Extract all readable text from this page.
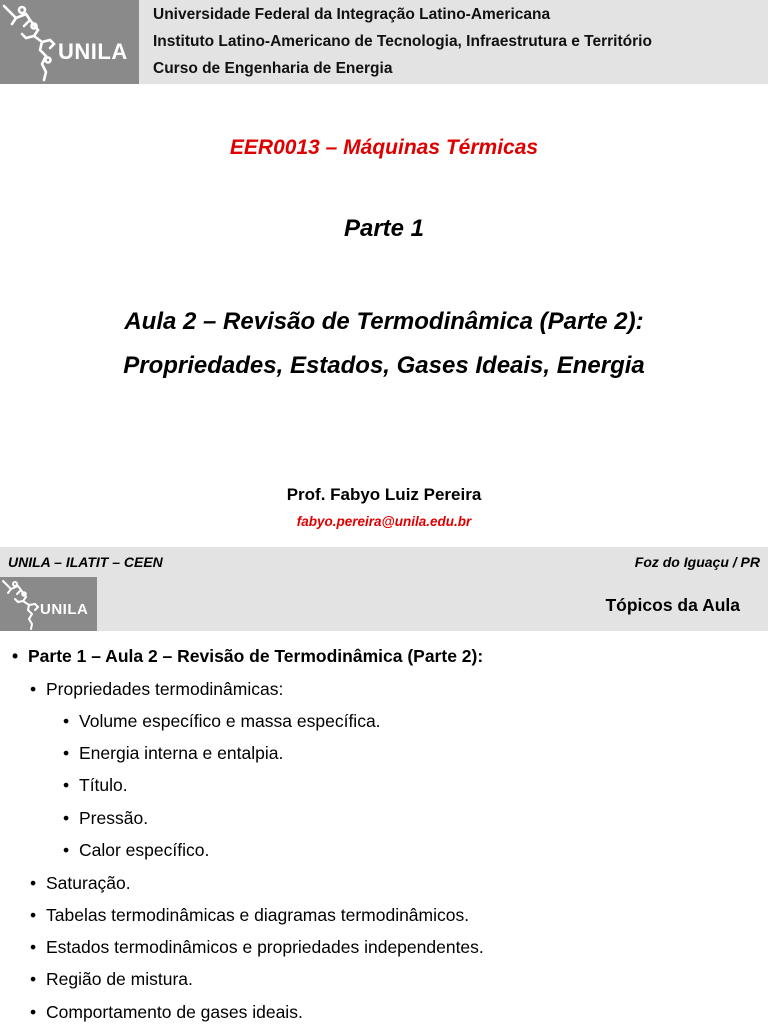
UNILA
Universidade Federal da Integração Latino-Americana
Instituto Latino-Americano de Tecnologia, Infraestrutura e Território
Curso de Engenharia de Energia
EER0013 – Máquinas Térmicas
Parte 1
Aula 2 – Revisão de Termodinâmica (Parte 2):
Propriedades, Estados, Gases Ideais, Energia
Prof. Fabyo Luiz Pereira
fabyo.pereira@unila.edu.br
UNILA – ILATIT – CEEN	Foz do Iguaçu / PR
UNILA	Tópicos da Aula
• Parte 1 – Aula 2 – Revisão de Termodinâmica (Parte 2):
• Propriedades termodinâmicas:
• Volume específico e massa específica.
• Energia interna e entalpia.
• Título.
• Pressão.
• Calor específico.
• Saturação.
• Tabelas termodinâmicas e diagramas termodinâmicos.
• Estados termodinâmicos e propriedades independentes.
• Região de mistura.
• Comportamento de gases ideais.
